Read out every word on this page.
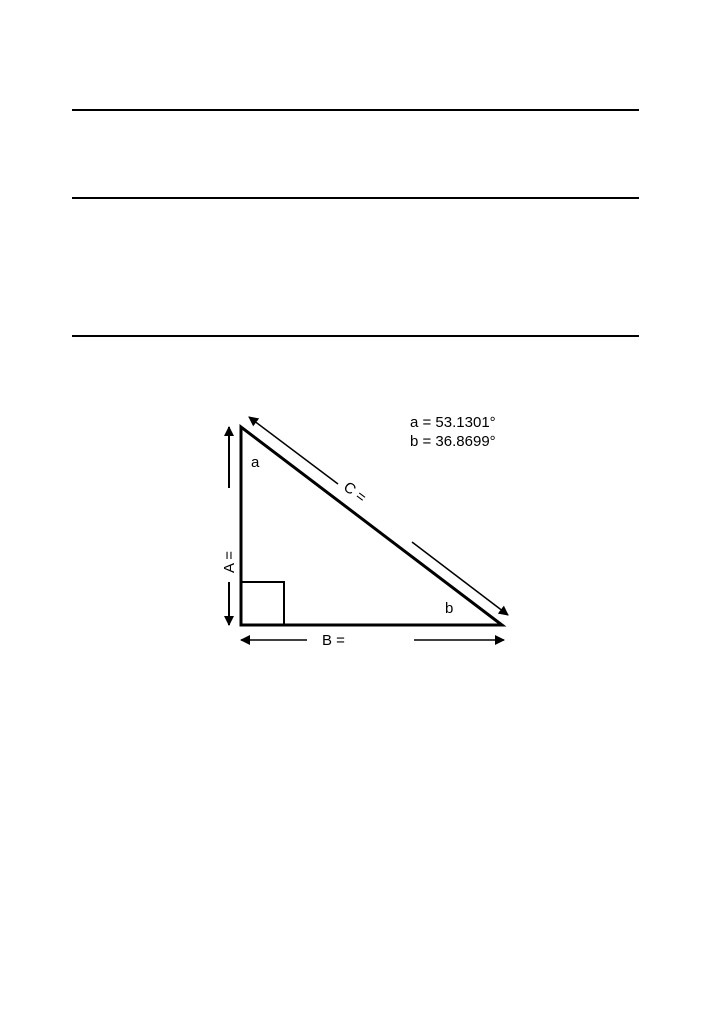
a = 53.1301°
b = 36.8699°
a
b
A =
B =
C =
